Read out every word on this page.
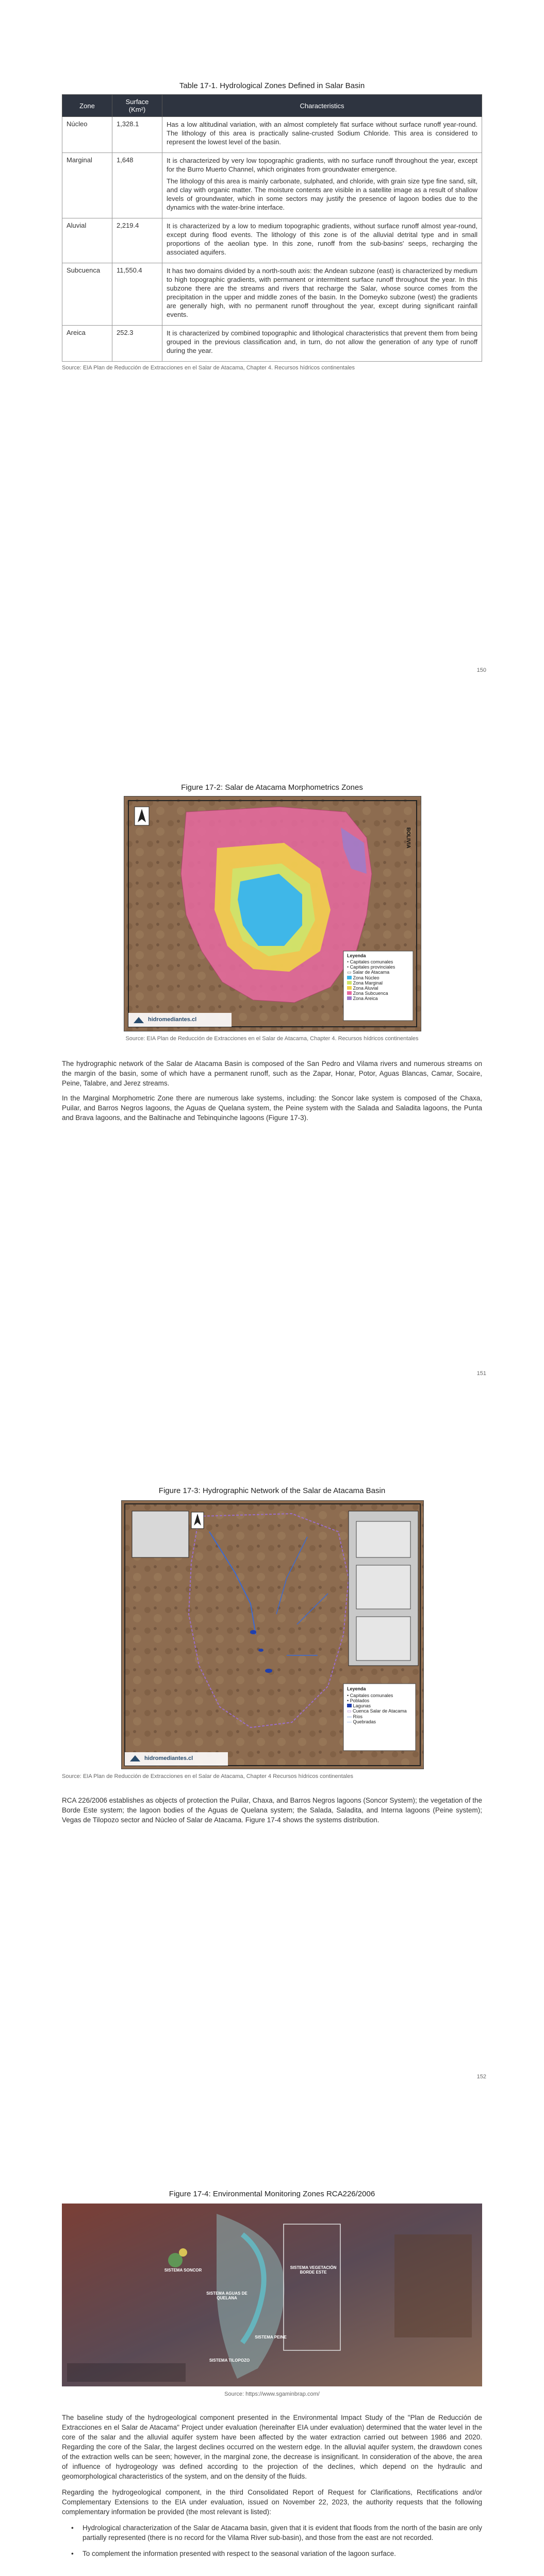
Table 17-1. Hydrological Zones Defined in Salar Basin
Zone	Surface (Km²)	Characteristics
Núcleo	1,328.1	Has a low altitudinal variation, with an almost completely flat surface without surface runoff year-round. The lithology of this area is practically saline-crusted Sodium Chloride. This area is considered to represent the lowest level of the basin.

Marginal	1,648	It is characterized by very low topographic gradients, with no surface runoff throughout the year, except for the Burro Muerto Channel, which originates from groundwater emergence.

The lithology of this area is mainly carbonate, sulphated, and chloride, with grain size type fine sand, silt, and clay with organic matter. The moisture contents are visible in a satellite image as a result of shallow levels of groundwater, which in some sectors may justify the presence of lagoon bodies due to the dynamics with the water-brine interface.

Aluvial	2,219.4	It is characterized by a low to medium topographic gradients, without surface runoff almost year-round, except during flood events. The lithology of this zone is of the alluvial detrital type and in small proportions of the aeolian type. In this zone, runoff from the sub-basins' seeps, recharging the associated aquifers.

Subcuenca	11,550.4	It has two domains divided by a north-south axis: the Andean subzone (east) is characterized by medium to high topographic gradients, with permanent or intermittent surface runoff throughout the year. In this subzone there are the streams and rivers that recharge the Salar, whose source comes from the precipitation in the upper and middle zones of the basin. In the Domeyko subzone (west) the gradients are generally high, with no permanent runoff throughout the year, except during significant rainfall events.

Areica	252.3	It is characterized by combined topographic and lithological characteristics that prevent them from being grouped in the previous classification and, in turn, do not allow the generation of any type of runoff during the year.

Source: EIA Plan de Reducción de Extracciones en el Salar de Atacama, Chapter 4. Recursos hídricos continentales
150
Figure 17-2: Salar de Atacama Morphometrics Zones
BOLIVIA
hidromediantes.cl
Leyenda
• Capitales comunales
• Capitales provinciales
▭ Salar de Atacama
Zona Núcleo
Zona Marginal
Zona Aluvial
Zona Subcuenca
Zona Areica
Source: EIA Plan de Reducción de Extracciones en el Salar de Atacama, Chapter 4. Recursos hídricos continentales

The hydrographic network of the Salar de Atacama Basin is composed of the San Pedro and Vilama rivers and numerous streams on the margin of the basin, some of which have a permanent runoff, such as the Zapar, Honar, Potor, Aguas Blancas, Camar, Socaire, Peine, Talabre, and Jerez streams.

In the Marginal Morphometric Zone there are numerous lake systems, including: the Soncor lake system is composed of the Chaxa, Puilar, and Barros Negros lagoons, the Aguas de Quelana system, the Peine system with the Salada and Saladita lagoons, the Punta and Brava lagoons, and the Baltinache and Tebinquinche lagoons (Figure 17-3).

151
Figure 17-3: Hydrographic Network of the Salar de Atacama Basin
hidromediantes.cl
Leyenda
• Capitales comunales
• Poblados
Lagunas
▭ Cuenca Salar de Atacama
— Ríos
— Quebradas
Source: EIA Plan de Reducción de Extracciones en el Salar de Atacama, Chapter 4 Recursos hídricos continentales

RCA 226/2006 establishes as objects of protection the Puilar, Chaxa, and Barros Negros lagoons (Soncor System); the vegetation of the Borde Este system; the lagoon bodies of the Aguas de Quelana system; the Salada, Saladita, and Interna lagoons (Peine system); Vegas de Tilopozo sector and Núcleo of Salar de Atacama. Figure 17-4 shows the systems distribution.

152
Figure 17-4: Environmental Monitoring Zones RCA226/2006
SISTEMA SONCOR
SISTEMA AGUAS DE QUELANA
SISTEMA VEGETACIÓN BORDE ESTE
SISTEMA PEINE
SISTEMA TILOPOZO
Source: https://www.sgaminbrap.com/

The baseline study of the hydrogeological component presented in the Environmental Impact Study of the "Plan de Reducción de Extracciones en el Salar de Atacama" Project under evaluation (hereinafter EIA under evaluation) determined that the water level in the core of the salar and the alluvial aquifer system have been affected by the water extraction carried out between 1986 and 2020. Regarding the core of the Salar, the largest declines occurred on the western edge. In the alluvial aquifer system, the drawdown cones of the extraction wells can be seen; however, in the marginal zone, the decrease is insignificant. In consideration of the above, the area of influence of hydrogeology was defined according to the projection of the declines, which depend on the hydraulic and geomorphological characteristics of the system, and on the density of the fluids.

Regarding the hydrogeological component, in the third Consolidated Report of Request for Clarifications, Rectifications and/or Complementary Extensions to the EIA under evaluation, issued on November 22, 2023, the authority requests that the following complementary information be provided (the most relevant is listed):

• Hydrological characterization of the Salar de Atacama basin, given that it is evident that floods from the north of the basin are only partially represented (there is no record for the Vilama River sub-basin), and those from the east are not recorded.
• To complement the information presented with respect to the seasonal variation of the lagoon surface.
